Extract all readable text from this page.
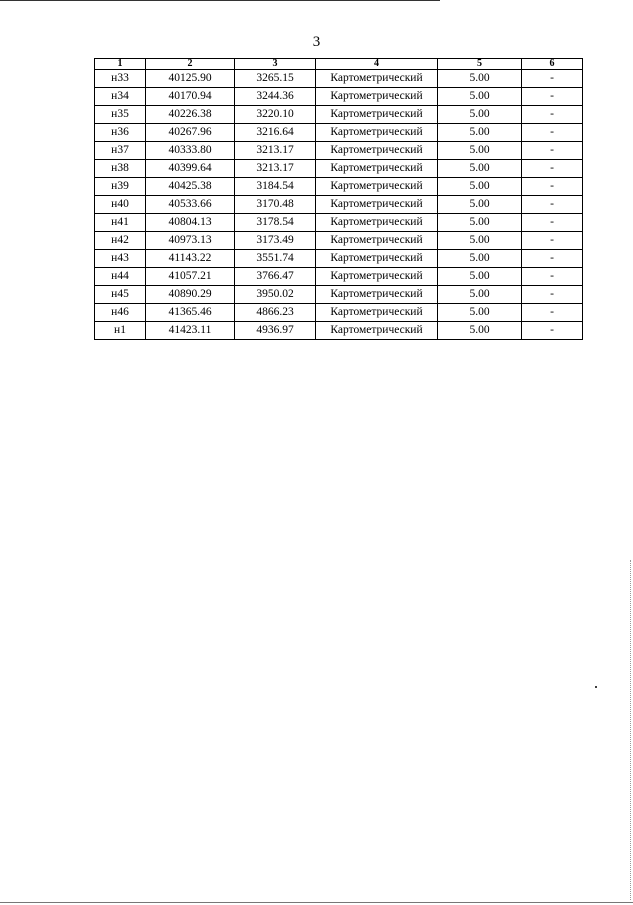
3
1	2	3	4	5	6
н33	40125.90	3265.15	Картометрический	5.00	-
н34	40170.94	3244.36	Картометрический	5.00	-
н35	40226.38	3220.10	Картометрический	5.00	-
н36	40267.96	3216.64	Картометрический	5.00	-
н37	40333.80	3213.17	Картометрический	5.00	-
н38	40399.64	3213.17	Картометрический	5.00	-
н39	40425.38	3184.54	Картометрический	5.00	-
н40	40533.66	3170.48	Картометрический	5.00	-
н41	40804.13	3178.54	Картометрический	5.00	-
н42	40973.13	3173.49	Картометрический	5.00	-
н43	41143.22	3551.74	Картометрический	5.00	-
н44	41057.21	3766.47	Картометрический	5.00	-
н45	40890.29	3950.02	Картометрический	5.00	-
н46	41365.46	4866.23	Картометрический	5.00	-
н1	41423.11	4936.97	Картометрический	5.00	-
